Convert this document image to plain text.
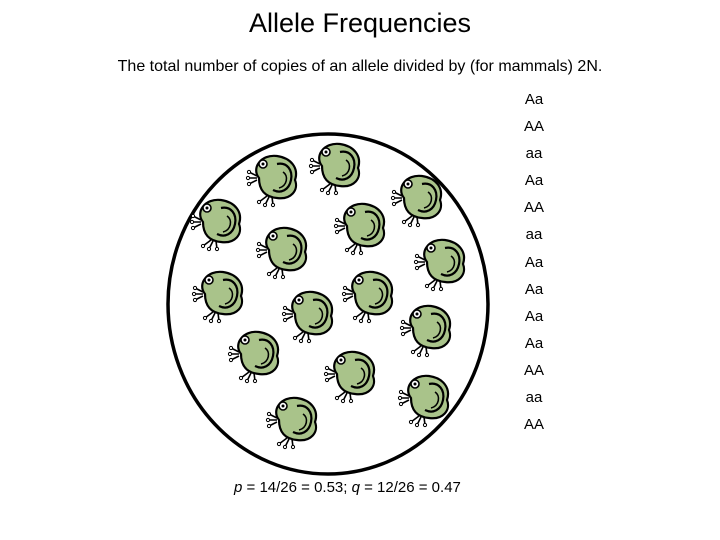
Allele Frequencies
The total number of copies of an allele divided by (for mammals) 2N.
Aa
AA
aa
Aa
AA
aa
Aa
Aa
Aa
Aa
AA
aa
AA
p = 14/26 = 0.53; q = 12/26 = 0.47
